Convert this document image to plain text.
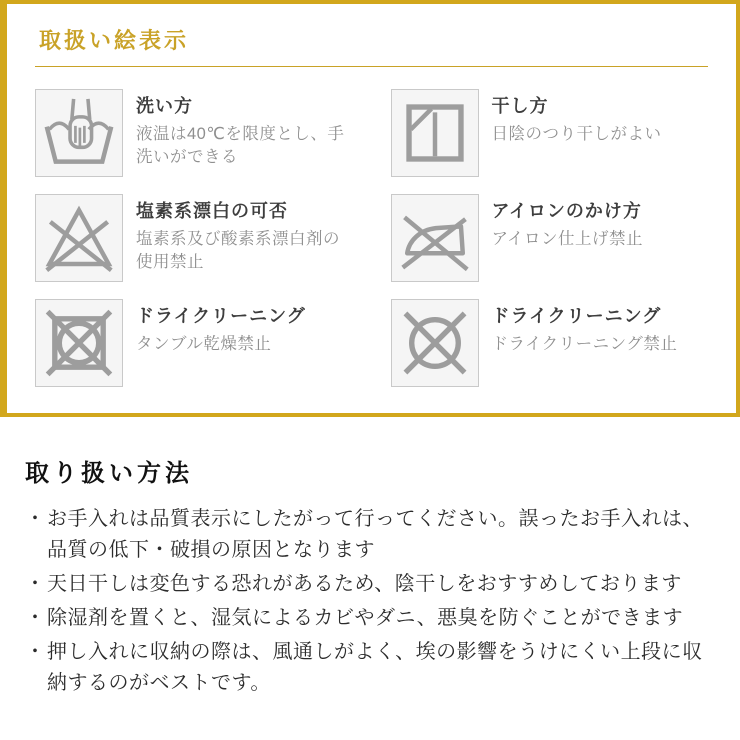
取扱い絵表示
洗い方
液温は40℃を限度とし、手洗いができる
干し方
日陰のつり干しがよい
塩素系漂白の可否
塩素系及び酸素系漂白剤の使用禁止
アイロンのかけ方
アイロン仕上げ禁止
ドライクリーニング
タンブル乾燥禁止
ドライクリーニング
ドライクリーニング禁止
取り扱い方法
・ お手入れは品質表示にしたがって行ってください。誤ったお手入れは、品質の低下・破損の原因となります
・ 天日干しは変色する恐れがあるため、陰干しをおすすめしております
・ 除湿剤を置くと、湿気によるカビやダニ、悪臭を防ぐことができます
・ 押し入れに収納の際は、風通しがよく、埃の影響をうけにくい上段に収納するのがベストです。
